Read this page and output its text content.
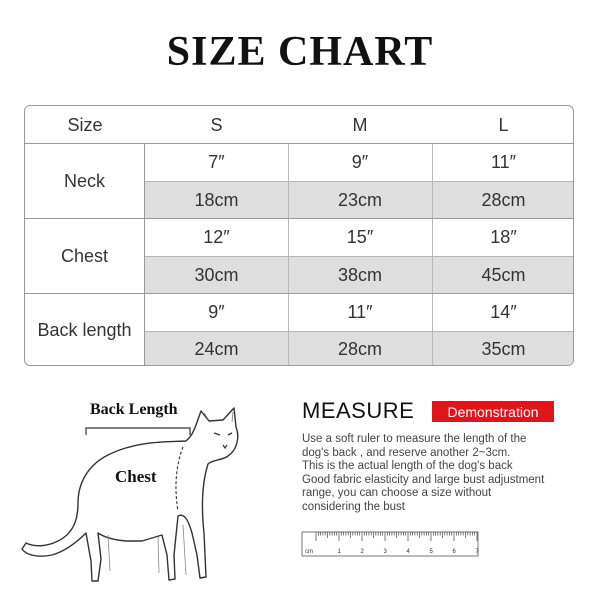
SIZE CHART
Size	S	M	L
Neck
7″	9″	11″
18cm	23cm	28cm
Chest
12″	15″	18″
30cm	38cm	45cm
Back length
9″	11″	14″
24cm	28cm	35cm
Back Length
Chest
MEASURE	Demonstration
Use a soft ruler to measure the length of the
dog's back , and reserve another 2~3cm.
This is the actual length of the dog's back
Good fabric elasticity and large bust adjustment
range, you can choose a size without
considering the bust
cm	1	2	3	4	5	6	7
